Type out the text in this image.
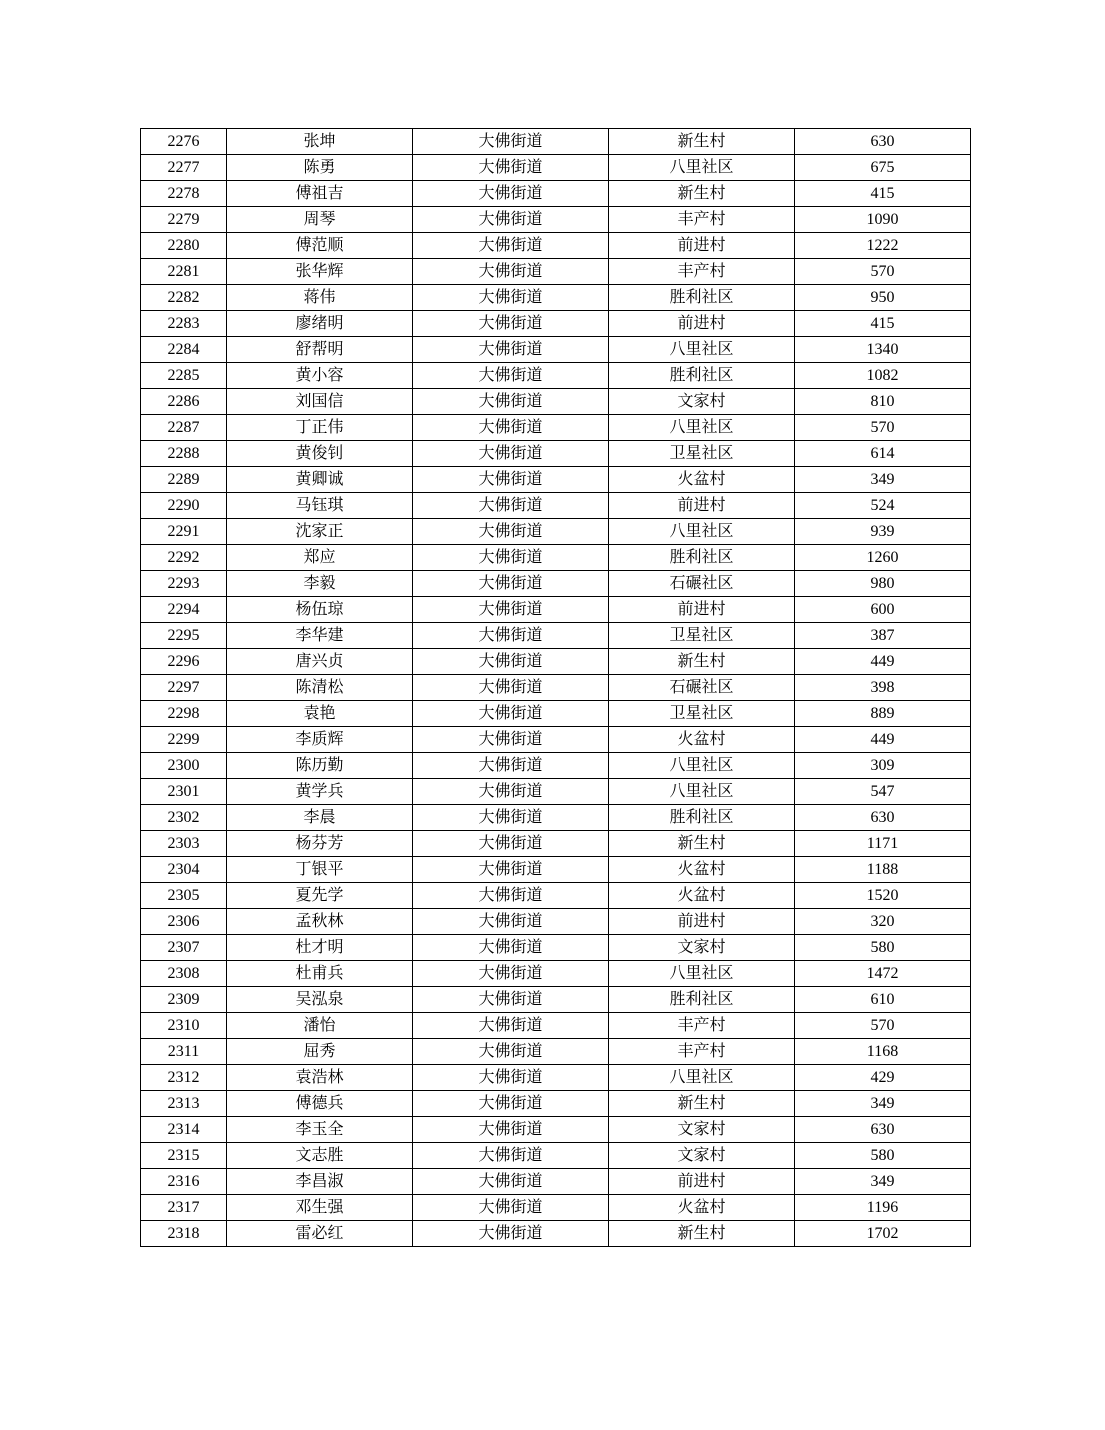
2276	张坤	大佛街道	新生村	630
2277	陈勇	大佛街道	八里社区	675
2278	傅祖吉	大佛街道	新生村	415
2279	周琴	大佛街道	丰产村	1090
2280	傅范顺	大佛街道	前进村	1222
2281	张华辉	大佛街道	丰产村	570
2282	蒋伟	大佛街道	胜利社区	950
2283	廖绪明	大佛街道	前进村	415
2284	舒帮明	大佛街道	八里社区	1340
2285	黄小容	大佛街道	胜利社区	1082
2286	刘国信	大佛街道	文家村	810
2287	丁正伟	大佛街道	八里社区	570
2288	黄俊钊	大佛街道	卫星社区	614
2289	黄卿诚	大佛街道	火盆村	349
2290	马钰琪	大佛街道	前进村	524
2291	沈家正	大佛街道	八里社区	939
2292	郑应	大佛街道	胜利社区	1260
2293	李毅	大佛街道	石碾社区	980
2294	杨伍琼	大佛街道	前进村	600
2295	李华建	大佛街道	卫星社区	387
2296	唐兴贞	大佛街道	新生村	449
2297	陈清松	大佛街道	石碾社区	398
2298	袁艳	大佛街道	卫星社区	889
2299	李质辉	大佛街道	火盆村	449
2300	陈历勤	大佛街道	八里社区	309
2301	黄学兵	大佛街道	八里社区	547
2302	李晨	大佛街道	胜利社区	630
2303	杨芬芳	大佛街道	新生村	1171
2304	丁银平	大佛街道	火盆村	1188
2305	夏先学	大佛街道	火盆村	1520
2306	孟秋林	大佛街道	前进村	320
2307	杜才明	大佛街道	文家村	580
2308	杜甫兵	大佛街道	八里社区	1472
2309	吴泓泉	大佛街道	胜利社区	610
2310	潘怡	大佛街道	丰产村	570
2311	屈秀	大佛街道	丰产村	1168
2312	袁浩林	大佛街道	八里社区	429
2313	傅德兵	大佛街道	新生村	349
2314	李玉全	大佛街道	文家村	630
2315	文志胜	大佛街道	文家村	580
2316	李昌淑	大佛街道	前进村	349
2317	邓生强	大佛街道	火盆村	1196
2318	雷必红	大佛街道	新生村	1702
